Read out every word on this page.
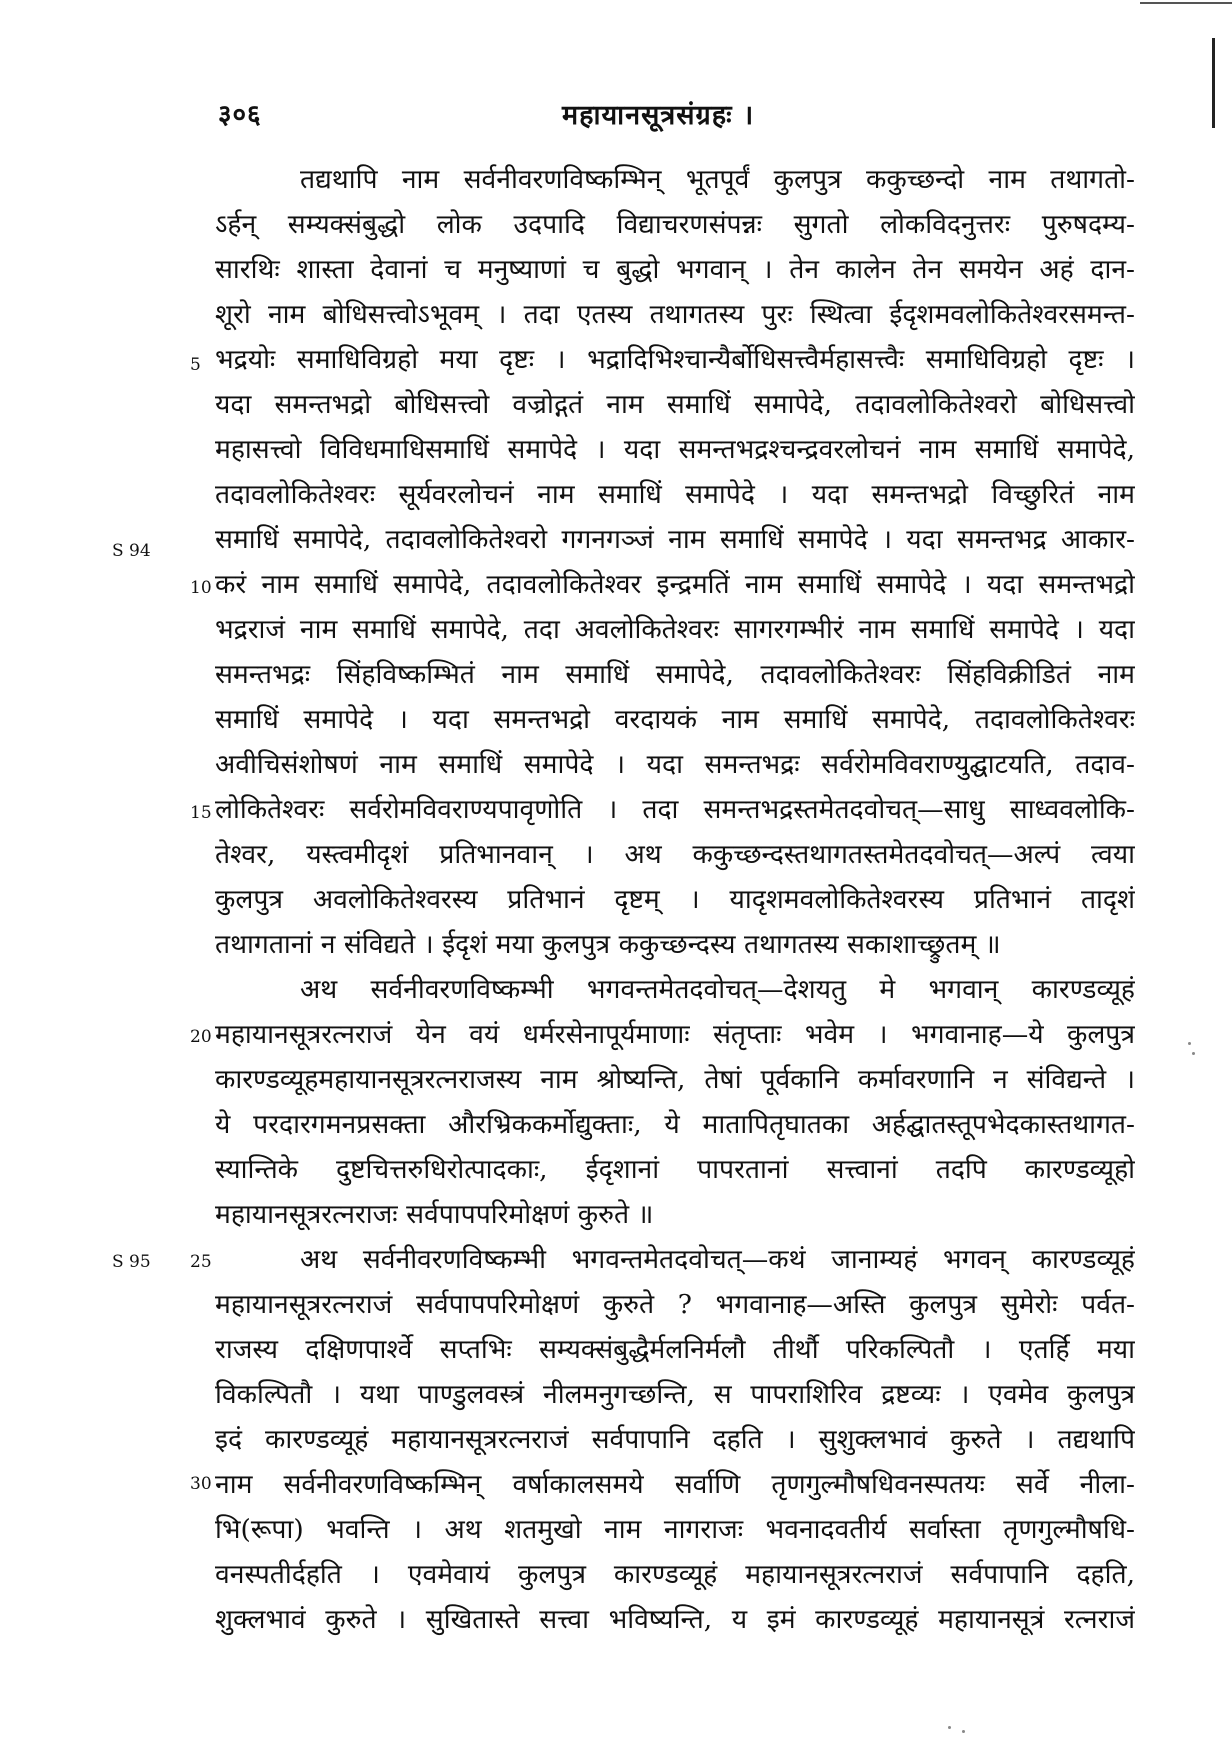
३०६	महायानसूत्रसंग्रहः ।
S 94
S 95
5
10
15
20
25
30
तद्यथापि नाम सर्वनीवरणविष्कम्भिन् भूतपूर्वं कुलपुत्र ककुच्छन्दो नाम तथागतो-
ऽर्हन् सम्यक्संबुद्धो लोक उदपादि विद्याचरणसंपन्नः सुगतो लोकविदनुत्तरः पुरुषदम्य-
सारथिः शास्ता देवानां च मनुष्याणां च बुद्धो भगवान् । तेन कालेन तेन समयेन अहं दान-
शूरो नाम बोधिसत्त्वोऽभूवम् । तदा एतस्य तथागतस्य पुरः स्थित्वा ईदृशमवलोकितेश्वरसमन्त-
भद्रयोः समाधिविग्रहो मया दृष्टः । भद्रादिभिश्चान्यैर्बोधिसत्त्वैर्महासत्त्वैः समाधिविग्रहो दृष्टः ।
यदा समन्तभद्रो बोधिसत्त्वो वज्रोद्गतं नाम समाधिं समापेदे, तदावलोकितेश्वरो बोधिसत्त्वो
महासत्त्वो विविधमाधिसमाधिं समापेदे । यदा समन्तभद्रश्चन्द्रवरलोचनं नाम समाधिं समापेदे,
तदावलोकितेश्वरः सूर्यवरलोचनं नाम समाधिं समापेदे । यदा समन्तभद्रो विच्छुरितं नाम
समाधिं समापेदे, तदावलोकितेश्वरो गगनगञ्जं नाम समाधिं समापेदे । यदा समन्तभद्र आकार-
करं नाम समाधिं समापेदे, तदावलोकितेश्वर इन्द्रमतिं नाम समाधिं समापेदे । यदा समन्तभद्रो
भद्रराजं नाम समाधिं समापेदे, तदा अवलोकितेश्वरः सागरगम्भीरं नाम समाधिं समापेदे । यदा
समन्तभद्रः सिंहविष्कम्भितं नाम समाधिं समापेदे, तदावलोकितेश्वरः सिंहविक्रीडितं नाम
समाधिं समापेदे । यदा समन्तभद्रो वरदायकं नाम समाधिं समापेदे, तदावलोकितेश्वरः
अवीचिसंशोषणं नाम समाधिं समापेदे । यदा समन्तभद्रः सर्वरोमविवराण्युद्घाटयति, तदाव-
लोकितेश्वरः सर्वरोमविवराण्यपावृणोति । तदा समन्तभद्रस्तमेतदवोचत्—साधु साध्ववलोकि-
तेश्वर, यस्त्वमीदृशं प्रतिभानवान् । अथ ककुच्छन्दस्तथागतस्तमेतदवोचत्—अल्पं त्वया
कुलपुत्र अवलोकितेश्वरस्य प्रतिभानं दृष्टम् । यादृशमवलोकितेश्वरस्य प्रतिभानं तादृशं
तथागतानां न संविद्यते । ईदृशं मया कुलपुत्र ककुच्छन्दस्य तथागतस्य सकाशाच्छ्रुतम् ॥
अथ सर्वनीवरणविष्कम्भी भगवन्तमेतदवोचत्—देशयतु मे भगवान् कारण्डव्यूहं
महायानसूत्ररत्नराजं येन वयं धर्मरसेनापूर्यमाणाः संतृप्ताः भवेम । भगवानाह—ये कुलपुत्र
कारण्डव्यूहमहायानसूत्ररत्नराजस्य नाम श्रोष्यन्ति, तेषां पूर्वकानि कर्मावरणानि न संविद्यन्ते ।
ये परदारगमनप्रसक्ता औरभ्रिककर्मोद्युक्ताः, ये मातापितृघातका अर्हद्घातस्तूपभेदकास्तथागत-
स्यान्तिके दुष्टचित्तरुधिरोत्पादकाः, ईदृशानां पापरतानां सत्त्वानां तदपि कारण्डव्यूहो
महायानसूत्ररत्नराजः सर्वपापपरिमोक्षणं कुरुते ॥
अथ सर्वनीवरणविष्कम्भी भगवन्तमेतदवोचत्—कथं जानाम्यहं भगवन् कारण्डव्यूहं
महायानसूत्ररत्नराजं सर्वपापपरिमोक्षणं कुरुते ? भगवानाह—अस्ति कुलपुत्र सुमेरोः पर्वत-
राजस्य दक्षिणपार्श्वे सप्तभिः सम्यक्संबुद्धैर्मलनिर्मलौ तीर्थौ परिकल्पितौ । एतर्हि मया
विकल्पितौ । यथा पाण्डुलवस्त्रं नीलमनुगच्छन्ति, स पापराशिरिव द्रष्टव्यः । एवमेव कुलपुत्र
इदं कारण्डव्यूहं महायानसूत्ररत्नराजं सर्वपापानि दहति । सुशुक्लभावं कुरुते । तद्यथापि
नाम सर्वनीवरणविष्कम्भिन् वर्षाकालसमये सर्वाणि तृणगुल्मौषधिवनस्पतयः सर्वे नीला-
भि(रूपा) भवन्ति । अथ शतमुखो नाम नागराजः भवनादवतीर्य सर्वास्ता तृणगुल्मौषधि-
वनस्पतीर्दहति । एवमेवायं कुलपुत्र कारण्डव्यूहं महायानसूत्ररत्नराजं सर्वपापानि दहति,
शुक्लभावं कुरुते । सुखितास्ते सत्त्वा भविष्यन्ति, य इमं कारण्डव्यूहं महायानसूत्रं रत्नराजं
